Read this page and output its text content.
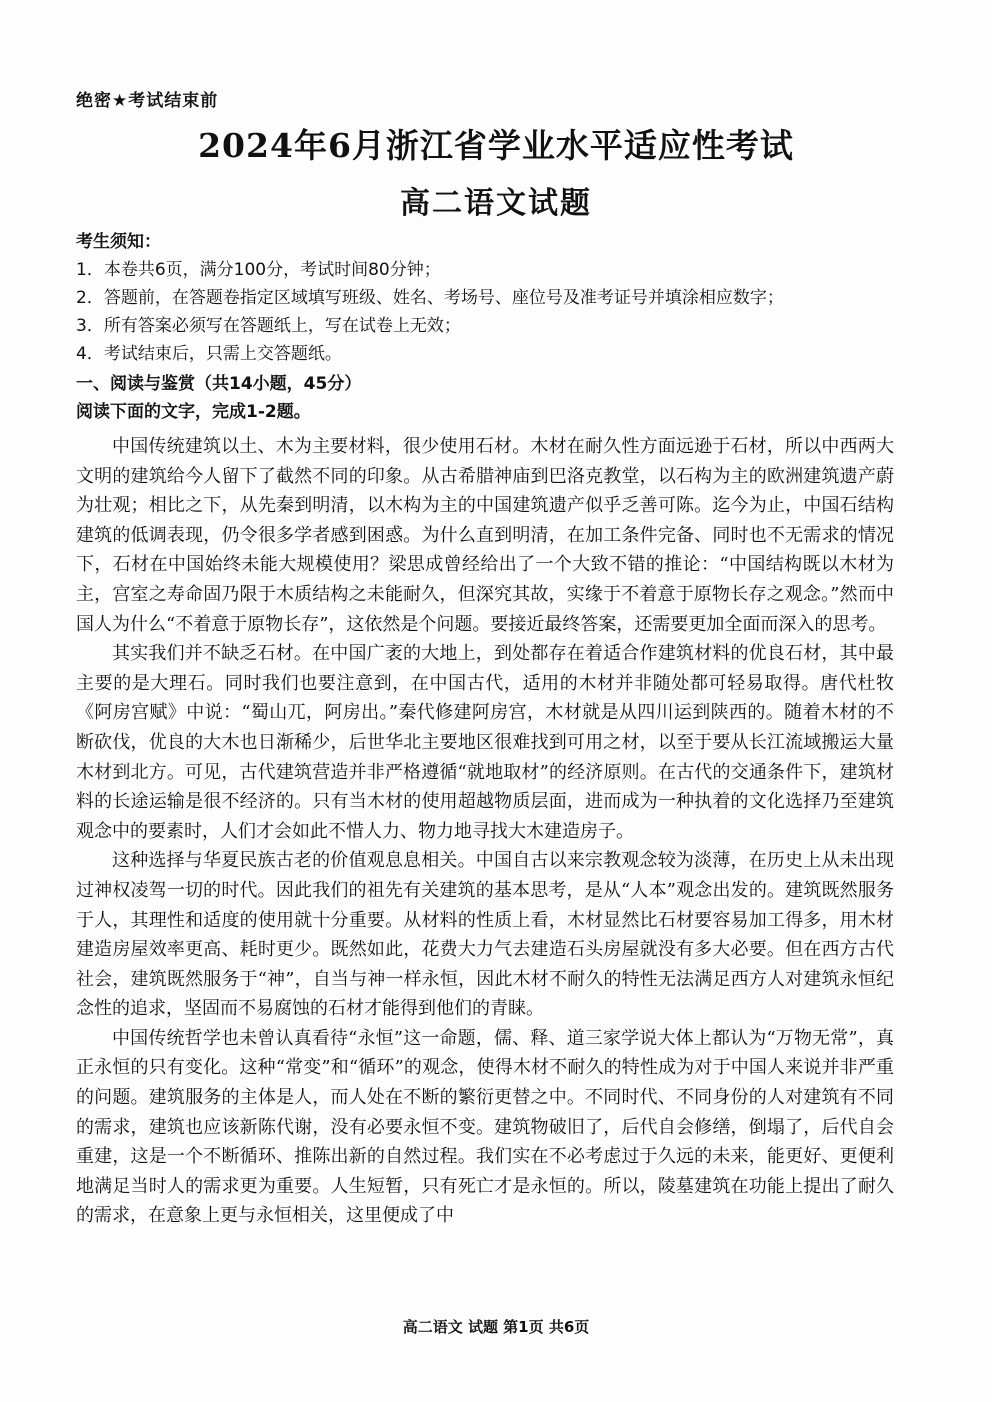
绝密★考试结束前
2024年6月浙江省学业水平适应性考试
高二语文试题
考生须知：
1．本卷共6页，满分100分，考试时间80分钟；
2．答题前，在答题卷指定区域填写班级、姓名、考场号、座位号及准考证号并填涂相应数字；
3．所有答案必须写在答题纸上，写在试卷上无效；
4．考试结束后，只需上交答题纸。
一、阅读与鉴赏（共14小题，45分）
阅读下面的文字，完成1-2题。

中国传统建筑以土、木为主要材料，很少使用石材。木材在耐久性方面远逊于石材，所以中西两大文明的建筑给今人留下了截然不同的印象。从古希腊神庙到巴洛克教堂，以石构为主的欧洲建筑遗产蔚为壮观；相比之下，从先秦到明清，以木构为主的中国建筑遗产似乎乏善可陈。迄今为止，中国石结构建筑的低调表现，仍令很多学者感到困惑。为什么直到明清，在加工条件完备、同时也不无需求的情况下，石材在中国始终未能大规模使用？梁思成曾经给出了一个大致不错的推论：“中国结构既以木材为主，宫室之寿命固乃限于木质结构之未能耐久，但深究其故，实缘于不着意于原物长存之观念。”然而中国人为什么“不着意于原物长存”，这依然是个问题。要接近最终答案，还需要更加全面而深入的思考。

其实我们并不缺乏石材。在中国广袤的大地上，到处都存在着适合作建筑材料的优良石材，其中最主要的是大理石。同时我们也要注意到，在中国古代，适用的木材并非随处都可轻易取得。唐代杜牧《阿房宫赋》中说：“蜀山兀，阿房出。”秦代修建阿房宫，木材就是从四川运到陕西的。随着木材的不断砍伐，优良的大木也日渐稀少，后世华北主要地区很难找到可用之材，以至于要从长江流域搬运大量木材到北方。可见，古代建筑营造并非严格遵循“就地取材”的经济原则。在古代的交通条件下，建筑材料的长途运输是很不经济的。只有当木材的使用超越物质层面，进而成为一种执着的文化选择乃至建筑观念中的要素时，人们才会如此不惜人力、物力地寻找大木建造房子。

这种选择与华夏民族古老的价值观息息相关。中国自古以来宗教观念较为淡薄，在历史上从未出现过神权凌驾一切的时代。因此我们的祖先有关建筑的基本思考，是从“人本”观念出发的。建筑既然服务于人，其理性和适度的使用就十分重要。从材料的性质上看，木材显然比石材要容易加工得多，用木材建造房屋效率更高、耗时更少。既然如此，花费大力气去建造石头房屋就没有多大必要。但在西方古代社会，建筑既然服务于“神”，自当与神一样永恒，因此木材不耐久的特性无法满足西方人对建筑永恒纪念性的追求，坚固而不易腐蚀的石材才能得到他们的青睐。

中国传统哲学也未曾认真看待“永恒”这一命题，儒、释、道三家学说大体上都认为“万物无常”，真正永恒的只有变化。这种“常变”和“循环”的观念，使得木材不耐久的特性成为对于中国人来说并非严重的问题。建筑服务的主体是人，而人处在不断的繁衍更替之中。不同时代、不同身份的人对建筑有不同的需求，建筑也应该新陈代谢，没有必要永恒不变。建筑物破旧了，后代自会修缮，倒塌了，后代自会重建，这是一个不断循环、推陈出新的自然过程。我们实在不必考虑过于久远的未来，能更好、更便利地满足当时人的需求更为重要。人生短暂，只有死亡才是永恒的。所以，陵墓建筑在功能上提出了耐久的需求，在意象上更与永恒相关，这里便成了中

高二语文 试题 第1页 共6页
